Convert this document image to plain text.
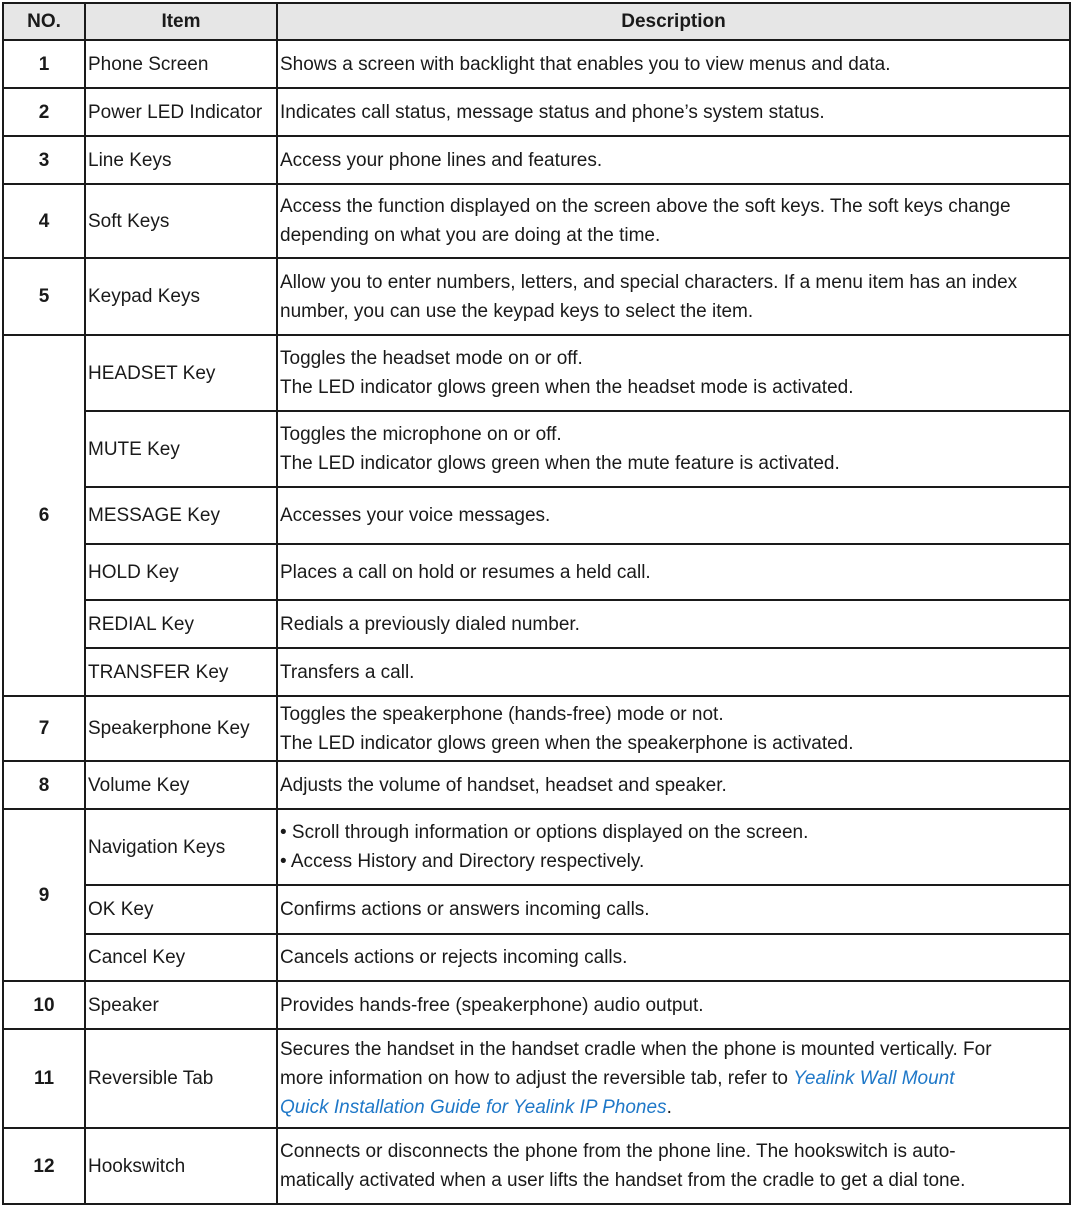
NO.	Item	Description
1	Phone Screen	Shows a screen with backlight that enables you to view menus and data.

2	Power LED Indicator	Indicates call status, message status and phone’s system status.

3	Line Keys	Access your phone lines and features.

4	Soft Keys	Access the function displayed on the screen above the soft keys. The soft keys change
depending on what you are doing at the time.

5	Keypad Keys	Allow you to enter numbers, letters, and special characters. If a menu item has an index
number, you can use the keypad keys to select the item.

6	HEADSET Key	Toggles the headset mode on or off.
The LED indicator glows green when the headset mode is activated.

	MUTE Key	Toggles the microphone on or off.
The LED indicator glows green when the mute feature is activated.

	MESSAGE Key	Accesses your voice messages.

	HOLD Key	Places a call on hold or resumes a held call.

	REDIAL Key	Redials a previously dialed number.

	TRANSFER Key	Transfers a call.

7	Speakerphone Key	Toggles the speakerphone (hands-free) mode or not.
The LED indicator glows green when the speakerphone is activated.

8	Volume Key	Adjusts the volume of handset, headset and speaker.

9	Navigation Keys	• Scroll through information or options displayed on the screen.
• Access History and Directory respectively.

	OK Key	Confirms actions or answers incoming calls.

	Cancel Key	Cancels actions or rejects incoming calls.

10	Speaker	Provides hands-free (speakerphone) audio output.

11	Reversible Tab	Secures the handset in the handset cradle when the phone is mounted vertically. For
more information on how to adjust the reversible tab, refer to Yealink Wall Mount
Quick Installation Guide for Yealink IP Phones.

12	Hookswitch	Connects or disconnects the phone from the phone line. The hookswitch is auto-
matically activated when a user lifts the handset from the cradle to get a dial tone.
